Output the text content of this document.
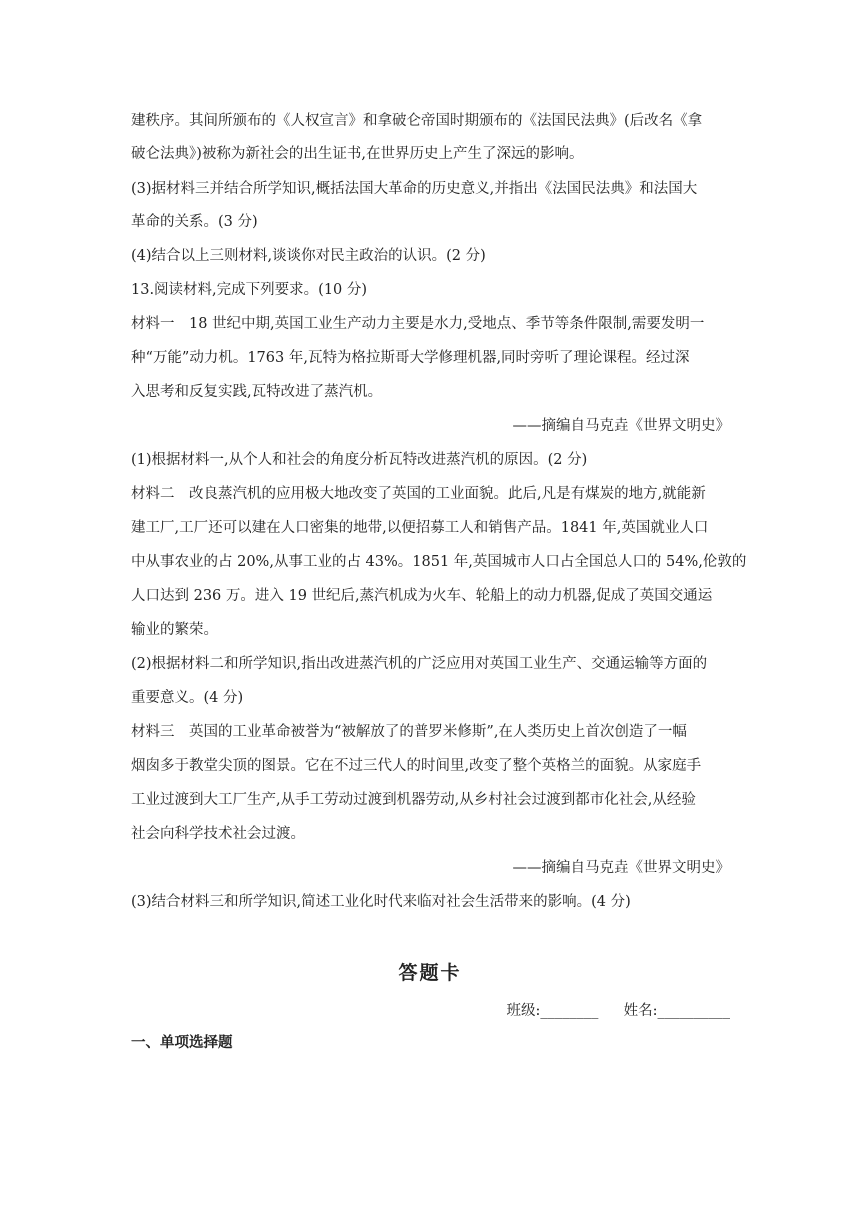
建秩序。其间所颁布的《人权宣言》和拿破仑帝国时期颁布的《法国民法典》(后改名《拿
破仑法典》)被称为新社会的出生证书,在世界历史上产生了深远的影响。
(3)据材料三并结合所学知识,概括法国大革命的历史意义,并指出《法国民法典》和法国大
革命的关系。(3 分)
(4)结合以上三则材料,谈谈你对民主政治的认识。(2 分)
13.阅读材料,完成下列要求。(10 分)
材料一　18 世纪中期,英国工业生产动力主要是水力,受地点、季节等条件限制,需要发明一
种“万能”动力机。1763 年,瓦特为格拉斯哥大学修理机器,同时旁听了理论课程。经过深
入思考和反复实践,瓦特改进了蒸汽机。
——摘编自马克垚《世界文明史》
(1)根据材料一,从个人和社会的角度分析瓦特改进蒸汽机的原因。(2 分)
材料二　改良蒸汽机的应用极大地改变了英国的工业面貌。此后,凡是有煤炭的地方,就能新
建工厂,工厂还可以建在人口密集的地带,以便招募工人和销售产品。1841 年,英国就业人口
中从事农业的占 20%,从事工业的占 43%。1851 年,英国城市人口占全国总人口的 54%,伦敦的
人口达到 236 万。进入 19 世纪后,蒸汽机成为火车、轮船上的动力机器,促成了英国交通运
输业的繁荣。
(2)根据材料二和所学知识,指出改进蒸汽机的广泛应用对英国工业生产、交通运输等方面的
重要意义。(4 分)
材料三　英国的工业革命被誉为“被解放了的普罗米修斯”,在人类历史上首次创造了一幅
烟囱多于教堂尖顶的图景。它在不过三代人的时间里,改变了整个英格兰的面貌。从家庭手
工业过渡到大工厂生产,从手工劳动过渡到机器劳动,从乡村社会过渡到都市化社会,从经验
社会向科学技术社会过渡。
——摘编自马克垚《世界文明史》
(3)结合材料三和所学知识,简述工业化时代来临对社会生活带来的影响。(4 分)
答题卡
班级:________ 姓名:__________
一、单项选择题
